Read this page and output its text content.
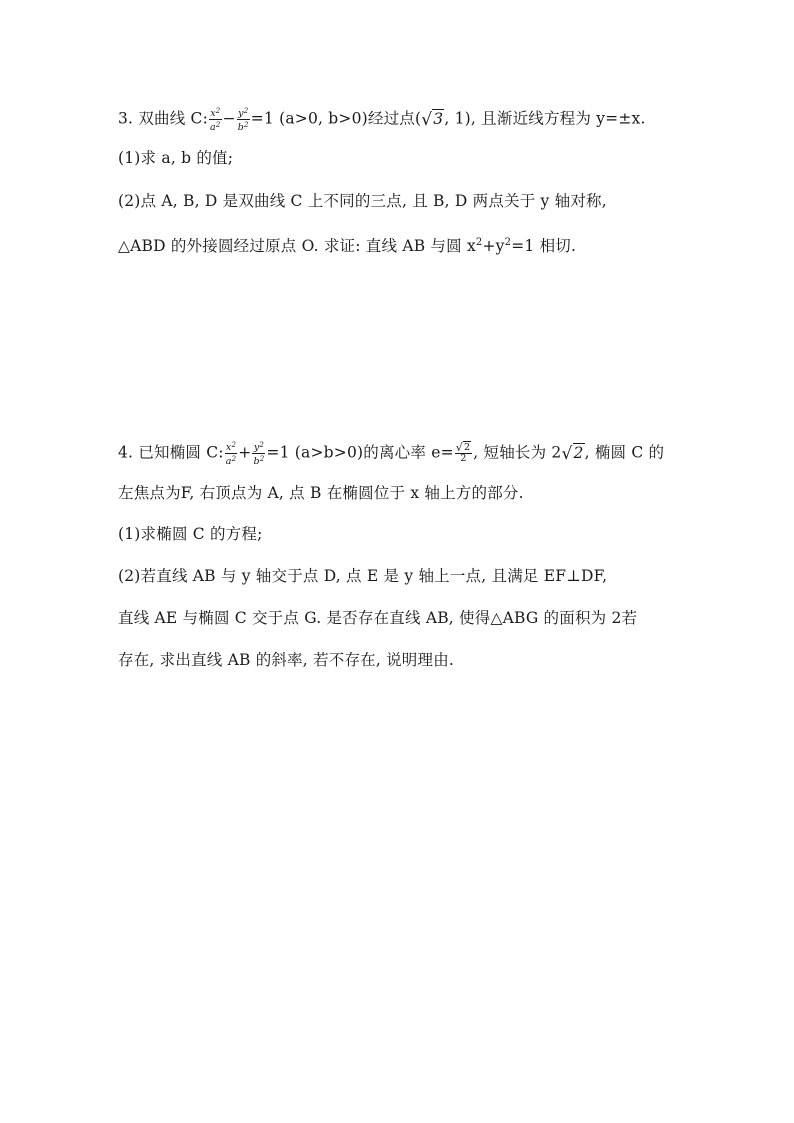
3. 双曲线 C: $\frac{x^2}{a^2} - \frac{y^2}{b^2} =1$ (a>0, b>0)经过点(√3, 1), 且渐近线方程为 y=±x.
(1)求 a, b 的值;
(2)点 A, B, D 是双曲线 C 上不同的三点, 且 B, D 两点关于 y 轴对称,
△ABD 的外接圆经过原点 O. 求证: 直线 AB 与圆 $x^2+y^2=1$ 相切.
4. 已知椭圆 C: $\frac{x^2}{a^2} + \frac{y^2}{b^2} =1$ (a>b>0)的离心率 $e= \frac{√2}{2}$ , 短轴长为 2√2, 椭圆 C 的
左焦点为F, 右顶点为 A, 点 B 在椭圆位于 x 轴上方的部分.
(1)求椭圆 C 的方程;
(2)若直线 AB 与 y 轴交于点 D, 点 E 是 y 轴上一点, 且满足 EF⊥DF,
直线 AE 与椭圆 C 交于点 G. 是否存在直线 AB, 使得△ABG 的面积为 2若
存在, 求出直线 AB 的斜率, 若不存在, 说明理由.
